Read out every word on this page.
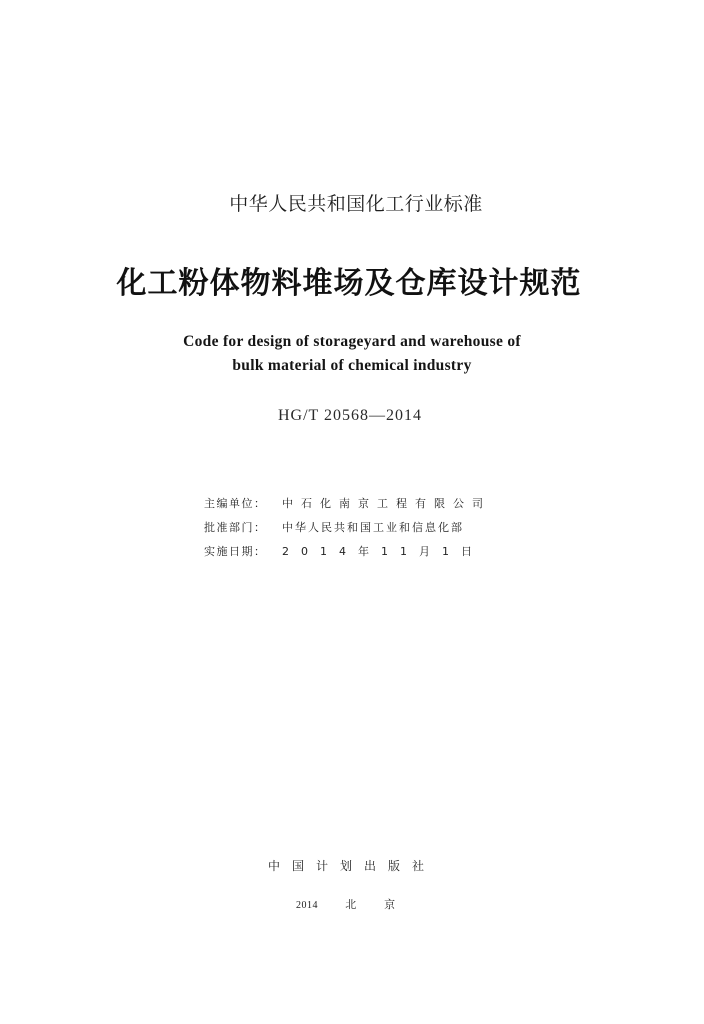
中华人民共和国化工行业标准
化工粉体物料堆场及仓库设计规范
Code for design of storageyard and warehouse of
bulk material of chemical industry
HG/T 20568—2014
主编单位：	中石化南京工程有限公司
批准部门：	中华人民共和国工业和信息化部
实施日期：	2014年11月1日
中国计划出版社
2014 北京
